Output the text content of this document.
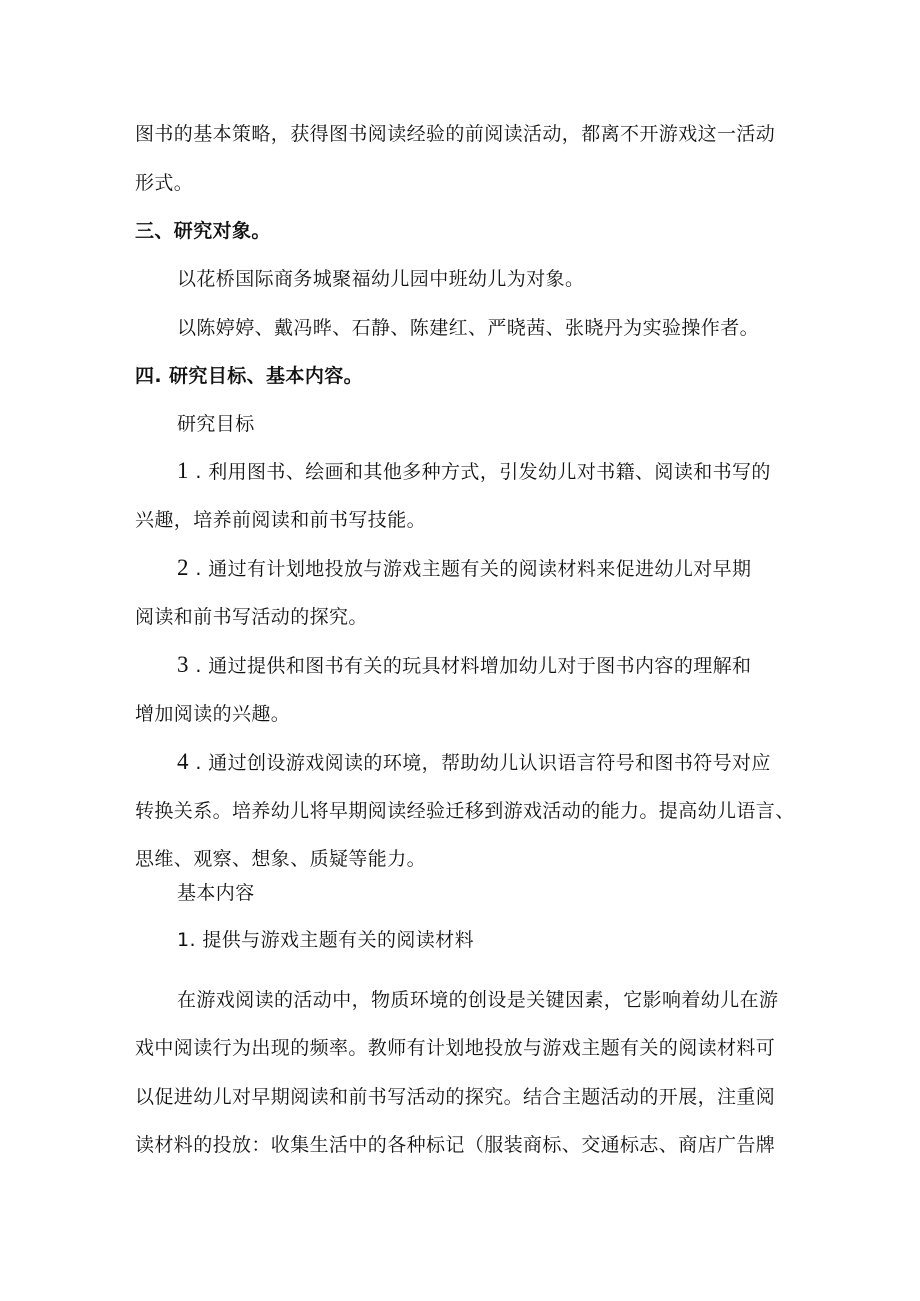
图书的基本策略，获得图书阅读经验的前阅读活动，都离不开游戏这一活动
形式。
三、研究对象。
以花桥国际商务城聚福幼儿园中班幼儿为对象。
以陈婷婷、戴冯晔、石静、陈建红、严晓茜、张晓丹为实验操作者。
四. 研究目标、基本内容。
研究目标
1 . 利用图书、绘画和其他多种方式，引发幼儿对书籍、阅读和书写的
兴趣，培养前阅读和前书写技能。
2 . 通过有计划地投放与游戏主题有关的阅读材料来促进幼儿对早期
阅读和前书写活动的探究。
3 . 通过提供和图书有关的玩具材料增加幼儿对于图书内容的理解和
增加阅读的兴趣。
4 . 通过创设游戏阅读的环境，帮助幼儿认识语言符号和图书符号对应
转换关系。培养幼儿将早期阅读经验迁移到游戏活动的能力。提高幼儿语言、
思维、观察、想象、质疑等能力。
基本内容
1. 提供与游戏主题有关的阅读材料
在游戏阅读的活动中，物质环境的创设是关键因素，它影响着幼儿在游
戏中阅读行为出现的频率。教师有计划地投放与游戏主题有关的阅读材料可
以促进幼儿对早期阅读和前书写活动的探究。结合主题活动的开展，注重阅
读材料的投放：收集生活中的各种标记（服装商标、交通标志、商店广告牌
